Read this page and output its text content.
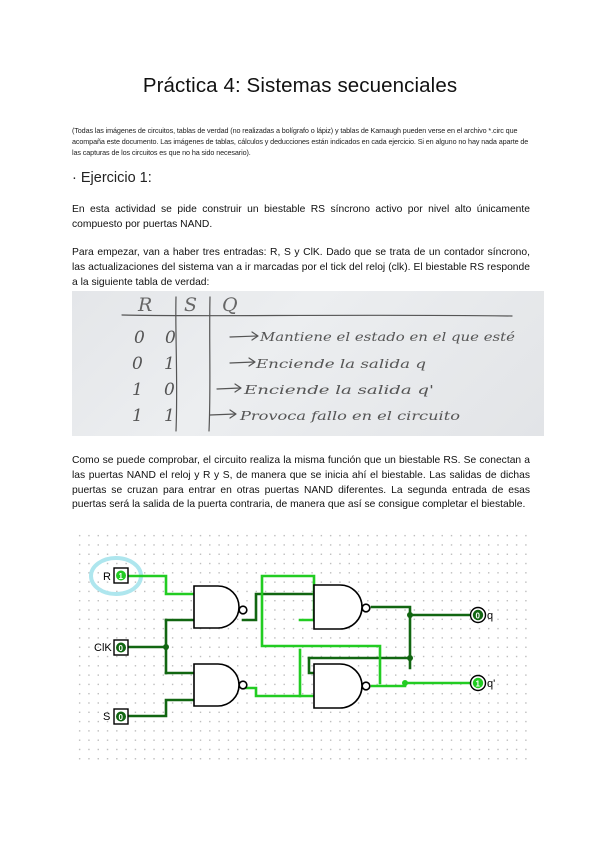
Práctica 4: Sistemas secuenciales
(Todas las imágenes de circuitos, tablas de verdad (no realizadas a bolígrafo o lápiz) y tablas de Karnaugh pueden verse en el archivo *.circ que acompaña este documento. Las imágenes de tablas, cálculos y deducciones están indicados en cada ejercicio. Si en alguno no hay nada aparte de las capturas de los circuitos es que no ha sido necesario).
· Ejercicio 1:
En esta actividad se pide construir un biestable RS síncrono activo por nivel alto únicamente compuesto por puertas NAND.
Para empezar, van a haber tres entradas: R, S y ClK. Dado que se trata de un contador síncrono, las actualizaciones del sistema van a ir marcadas por el tick del reloj (clk). El biestable RS responde a la siguiente tabla de verdad:
R S Q
0 0	Mantiene el estado en el que esté
0 1	Enciende la salida q
1 0	Enciende la salida q'
1 1	Provoca fallo en el circuito
Como se puede comprobar, el circuito realiza la misma función que un biestable RS. Se conectan a las puertas NAND el reloj y R y S, de manera que se inicia ahí el biestable. Las salidas de dichas puertas se cruzan para entrar en otras puertas NAND diferentes. La segunda entrada de esas puertas será la salida de la puerta contraria, de manera que así se consigue completar el biestable.
R 1
ClK 0
S 0
0 q
1 q'
